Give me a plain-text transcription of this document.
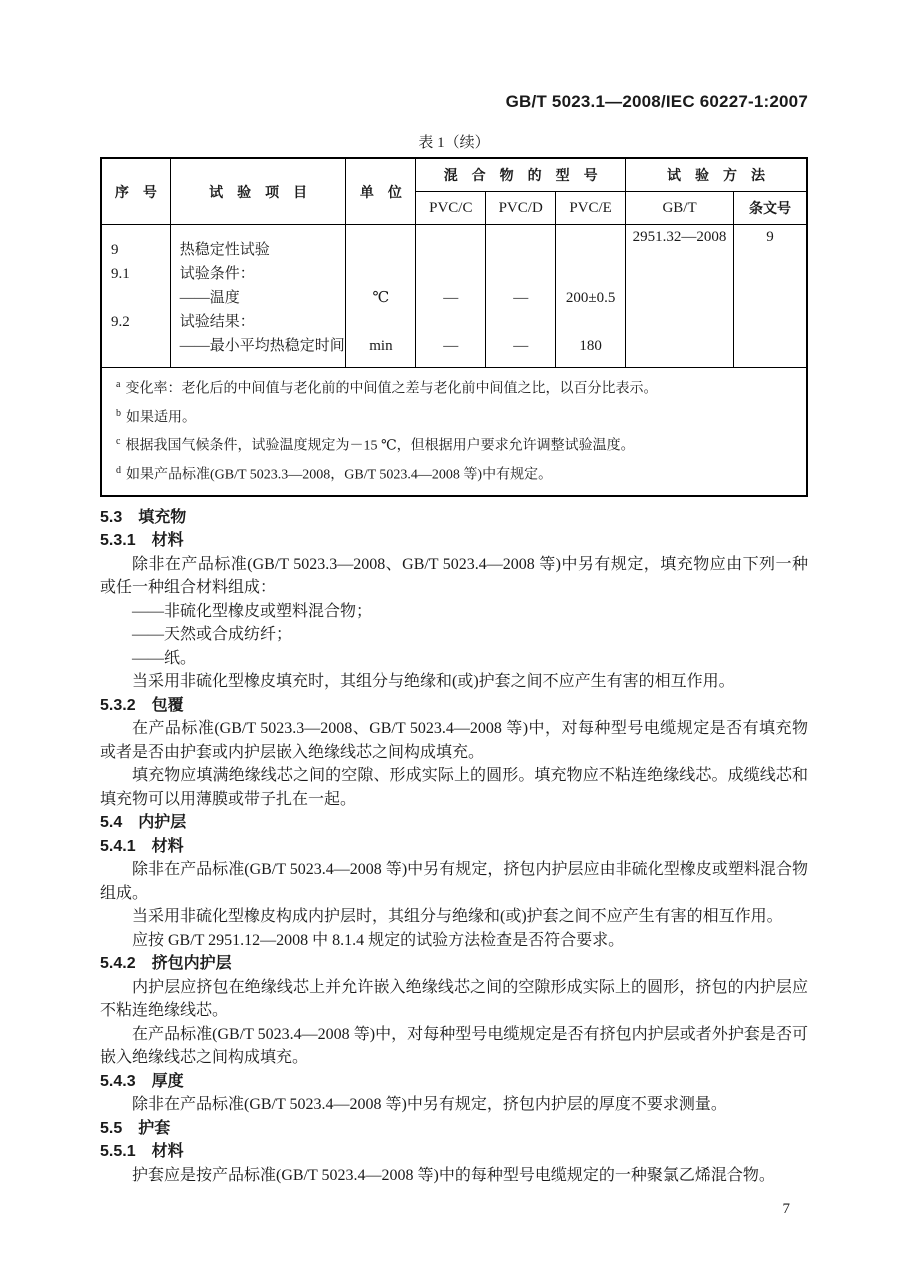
GB/T 5023.1—2008/IEC 60227-1:2007
表 1（续）
序　号	试　验　项　目	单　位	混　合　物　的　型　号			试　验　方　法	
			PVC/C	PVC/D	PVC/E	GB/T	条文号
9	热稳定性试验					2951.32—2008	9
9.1	试验条件：						
	——温度	℃	—	—	200±0.5		
9.2	试验结果：						
	——最小平均热稳定时间	min	—	—	180		

$^a$ 变化率：老化后的中间值与老化前的中间值之差与老化前中间值之比，以百分比表示。
$^b$ 如果适用。
$^c$ 根据我国气候条件，试验温度规定为－15 ℃，但根据用户要求允许调整试验温度。
$^d$ 如果产品标准(GB/T 5023.3—2008，GB/T 5023.4—2008 等)中有规定。							
5.3　填充物
5.3.1　材料
除非在产品标准(GB/T 5023.3—2008、GB/T 5023.4—2008 等)中另有规定，填充物应由下列一种或任一种组合材料组成：
——非硫化型橡皮或塑料混合物；
——天然或合成纺纤；
——纸。
当采用非硫化型橡皮填充时，其组分与绝缘和(或)护套之间不应产生有害的相互作用。
5.3.2　包覆
在产品标准(GB/T 5023.3—2008、GB/T 5023.4—2008 等)中，对每种型号电缆规定是否有填充物或者是否由护套或内护层嵌入绝缘线芯之间构成填充。
填充物应填满绝缘线芯之间的空隙、形成实际上的圆形。填充物应不粘连绝缘线芯。成缆线芯和填充物可以用薄膜或带子扎在一起。
5.4　内护层
5.4.1　材料
除非在产品标准(GB/T 5023.4—2008 等)中另有规定，挤包内护层应由非硫化型橡皮或塑料混合物组成。
当采用非硫化型橡皮构成内护层时，其组分与绝缘和(或)护套之间不应产生有害的相互作用。
应按 GB/T 2951.12—2008 中 8.1.4 规定的试验方法检查是否符合要求。
5.4.2　挤包内护层
内护层应挤包在绝缘线芯上并允许嵌入绝缘线芯之间的空隙形成实际上的圆形，挤包的内护层应不粘连绝缘线芯。
在产品标准(GB/T 5023.4—2008 等)中，对每种型号电缆规定是否有挤包内护层或者外护套是否可嵌入绝缘线芯之间构成填充。
5.4.3　厚度
除非在产品标准(GB/T 5023.4—2008 等)中另有规定，挤包内护层的厚度不要求测量。
5.5　护套
5.5.1　材料
护套应是按产品标准(GB/T 5023.4—2008 等)中的每种型号电缆规定的一种聚氯乙烯混合物。
7
